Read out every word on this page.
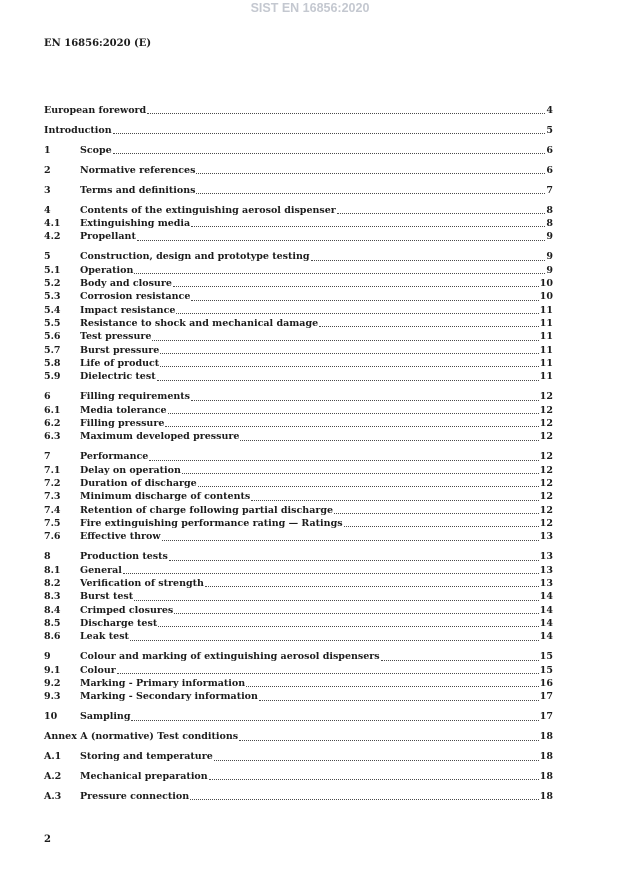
SIST EN 16856:2020
EN 16856:2020 (E)
European foreword	4
Introduction	5
1	Scope	6
2	Normative references	6
3	Terms and definitions	7
4	Contents of the extinguishing aerosol dispenser	8
4.1	Extinguishing media	8
4.2	Propellant	9
5	Construction, design and prototype testing	9
5.1	Operation	9
5.2	Body and closure	10
5.3	Corrosion resistance	10
5.4	Impact resistance	11
5.5	Resistance to shock and mechanical damage	11
5.6	Test pressure	11
5.7	Burst pressure	11
5.8	Life of product	11
5.9	Dielectric test	11
6	Filling requirements	12
6.1	Media tolerance	12
6.2	Filling pressure	12
6.3	Maximum developed pressure	12
7	Performance	12
7.1	Delay on operation	12
7.2	Duration of discharge	12
7.3	Minimum discharge of contents	12
7.4	Retention of charge following partial discharge	12
7.5	Fire extinguishing performance rating — Ratings	12
7.6	Effective throw	13
8	Production tests	13
8.1	General	13
8.2	Verification of strength	13
8.3	Burst test	14
8.4	Crimped closures	14
8.5	Discharge test	14
8.6	Leak test	14
9	Colour and marking of extinguishing aerosol dispensers	15
9.1	Colour	15
9.2	Marking - Primary information	16
9.3	Marking - Secondary information	17
10	Sampling	17
Annex A (normative) Test conditions	18
A.1	Storing and temperature	18
A.2	Mechanical preparation	18
A.3	Pressure connection	18
2
